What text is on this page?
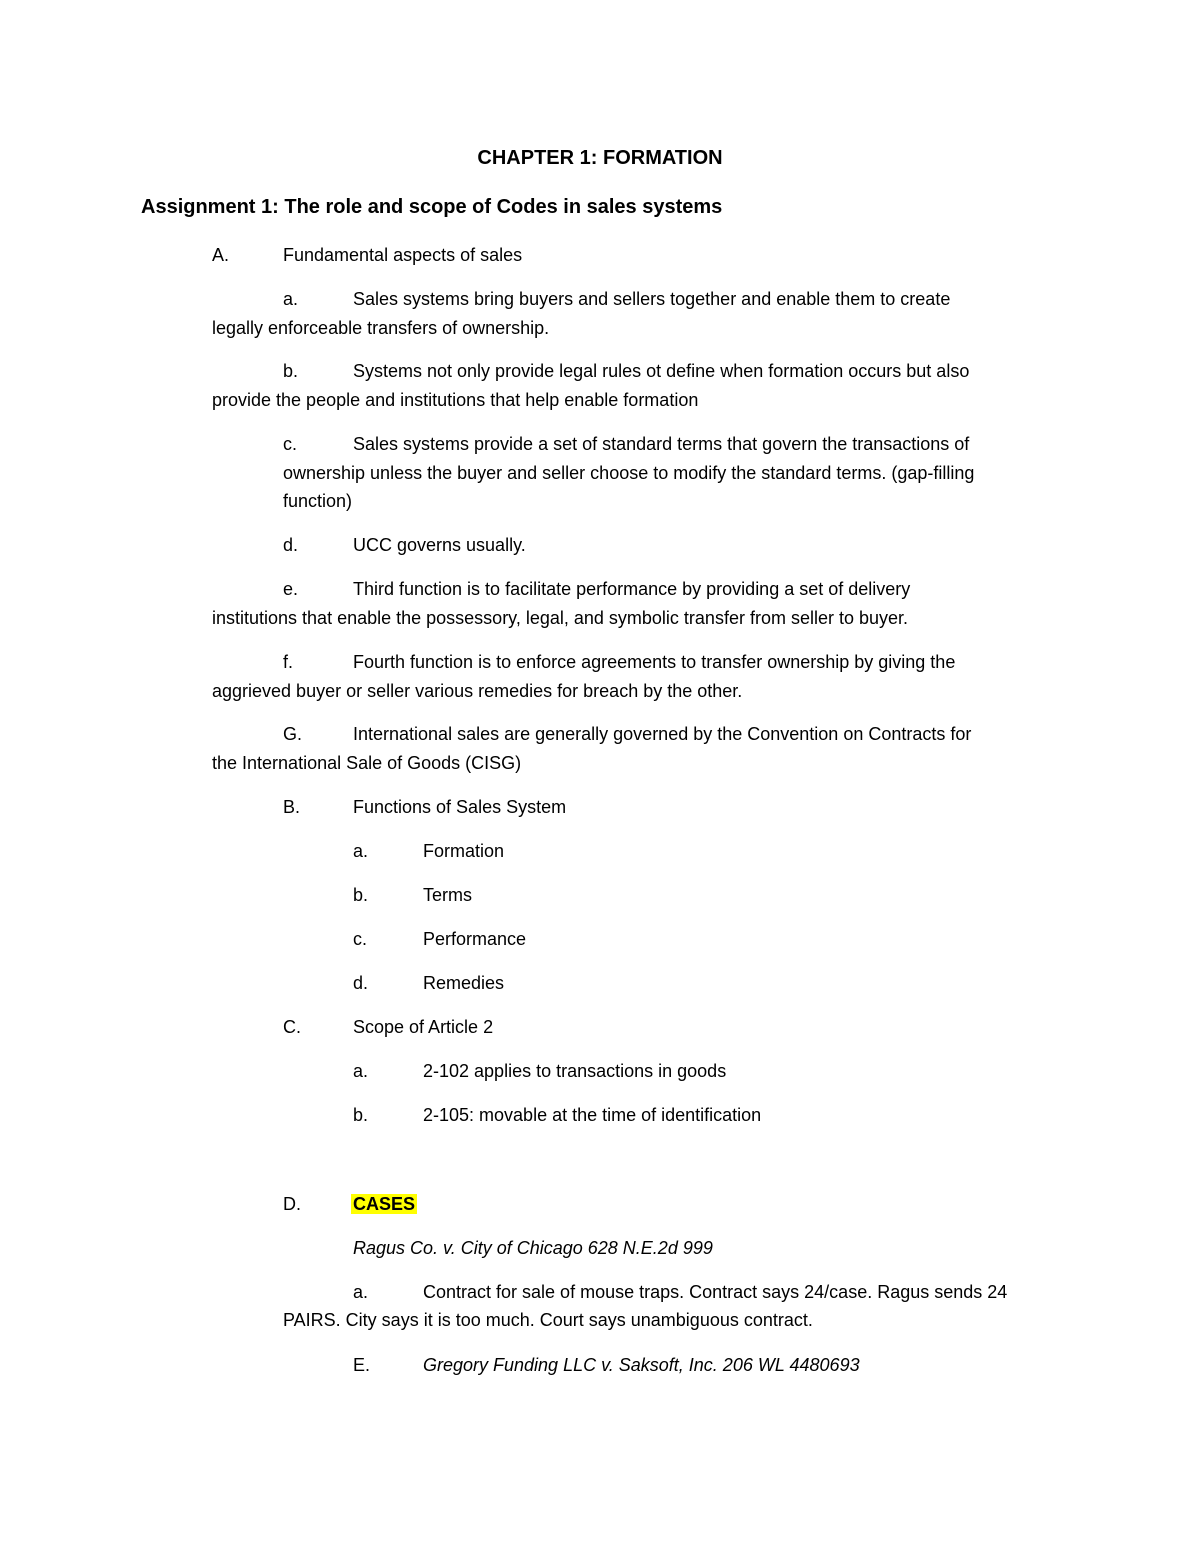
CHAPTER 1: FORMATION
Assignment 1: The role and scope of Codes in sales systems
A.	Fundamental aspects of sales
a.	Sales systems bring buyers and sellers together and enable them to create
legally enforceable transfers of ownership.
b.	Systems not only provide legal rules ot define when formation occurs but also
provide the people and institutions that help enable formation
c.	Sales systems provide a set of standard terms that govern the transactions of
ownership unless the buyer and seller choose to modify the standard terms. (gap-filling
function)
d.	UCC governs usually.
e.	Third function is to facilitate performance by providing a set of delivery
institutions that enable the possessory, legal, and symbolic transfer from seller to buyer.
f.	Fourth function is to enforce agreements to transfer ownership by giving the
aggrieved buyer or seller various remedies for breach by the other.
G.	International sales are generally governed by the Convention on Contracts for
the International Sale of Goods (CISG)
B.	Functions of Sales System
a.	Formation
b.	Terms
c.	Performance
d.	Remedies
C.	Scope of Article 2
a.	2-102 applies to transactions in goods
b.	2-105: movable at the time of identification
D.	CASES
Ragus Co. v. City of Chicago 628 N.E.2d 999
a.	Contract for sale of mouse traps. Contract says 24/case. Ragus sends 24
PAIRS. City says it is too much. Court says unambiguous contract.
E.	Gregory Funding LLC v. Saksoft, Inc. 206 WL 4480693
